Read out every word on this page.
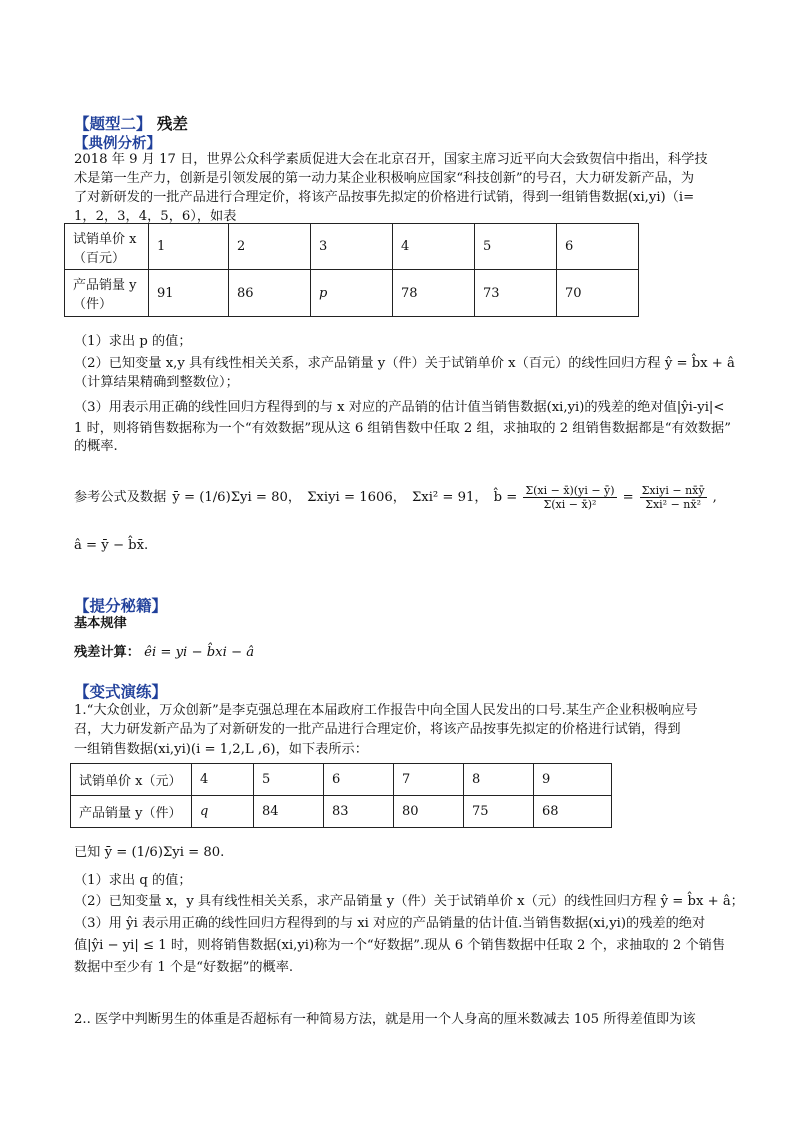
【题型二】 残差
【典例分析】
2018 年 9 月 17 日，世界公众科学素质促进大会在北京召开，国家主席习近平向大会致贺信中指出，科学技
术是第一生产力，创新是引领发展的第一动力某企业积极响应国家“科技创新”的号召，大力研发新产品，为
了对新研发的一批产品进行合理定价，将该产品按事先拟定的价格进行试销，得到一组销售数据(xi,yi)（i=
1，2，3，4，5，6），如表
试销单价 x
（百元）	1	2	3	4	5	6

产品销量 y
（件）	91	86	p	78	73	70
（1）求出 p 的值；
（2）已知变量 x,y 具有线性相关关系，求产品销量 y（件）关于试销单价 x（百元）的线性回归方程 ŷ = b̂x + â
（计算结果精确到整数位）；
（3）用表示用正确的线性回归方程得到的与 x 对应的产品销的估计值当销售数据(xi,yi)的残差的绝对值|ŷi-yi|<
1 时，则将销售数据称为一个“有效数据”现从这 6 组销售数中任取 2 组，求抽取的 2 组销售数据都是“有效数据”
的概率.
参考公式及数据 ȳ = (1/6)Σyi = 80， Σxiyi = 1606， Σxi² = 91， b̂ = $\frac{\Sigma(xi - x̄)(yi - ȳ)}{\text{Σ(xi − x̄)²}} = \frac{\text{Σxiyi − nx̄ȳ}}{\text{Σxi² − nx̄²}}$ ,
â = ȳ − b̂x̄.
【提分秘籍】
基本规律
残差计算： êi = yi − b̂xi − â
【变式演练】
1.“大众创业，万众创新”是李克强总理在本届政府工作报告中向全国人民发出的口号.某生产企业积极响应号
召，大力研发新产品为了对新研发的一批产品进行合理定价，将该产品按事先拟定的价格进行试销，得到
一组销售数据(xi,yi)(i = 1,2,L ,6)，如下表所示：
试销单价 x（元）	4	5	6	7	8	9
产品销量 y（件）	q	84	83	80	75	68
已知 ȳ = (1/6)Σyi = 80.
（1）求出 q 的值；
（2）已知变量 x，y 具有线性相关关系，求产品销量 y（件）关于试销单价 x（元）的线性回归方程 ŷ = b̂x + â；
（3）用 ŷi 表示用正确的线性回归方程得到的与 xi 对应的产品销量的估计值.当销售数据(xi,yi)的残差的绝对
值|ŷi − yi| ≤ 1 时，则将销售数据(xi,yi)称为一个“好数据”.现从 6 个销售数据中任取 2 个，求抽取的 2 个销售
数据中至少有 1 个是“好数据”的概率.
2.. 医学中判断男生的体重是否超标有一种简易方法，就是用一个人身高的厘米数减去 105 所得差值即为该
